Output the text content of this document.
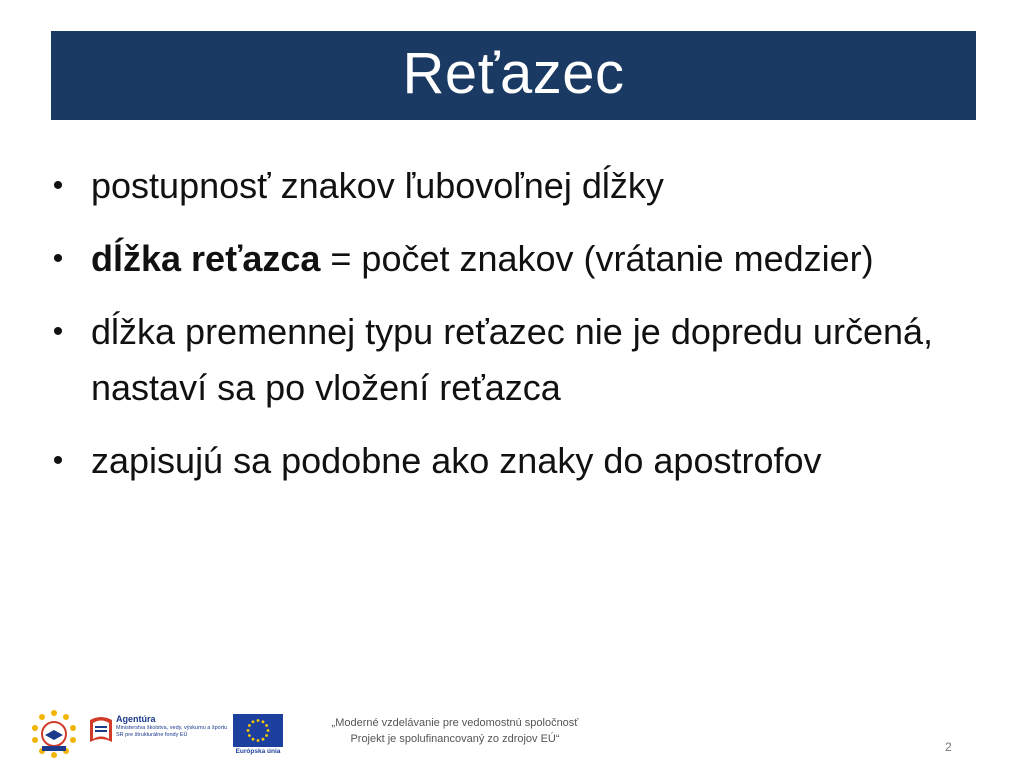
Reťazec
• postupnosť znakov ľubovoľnej dĺžky
• dĺžka reťazca = počet znakov (vrátanie medzier)
• dĺžka premennej typu reťazec nie je dopredu určená, nastaví sa po vložení reťazca
• zapisujú sa podobne ako znaky do apostrofov
Agentúra
Ministerstva školstva, vedy, výskumu a športu SR pre štrukturálne fondy EÚ
Európska únia
„Moderné vzdelávanie pre vedomostnú spoločnosť
Projekt je spolufinancovaný zo zdrojov EÚ“
2
